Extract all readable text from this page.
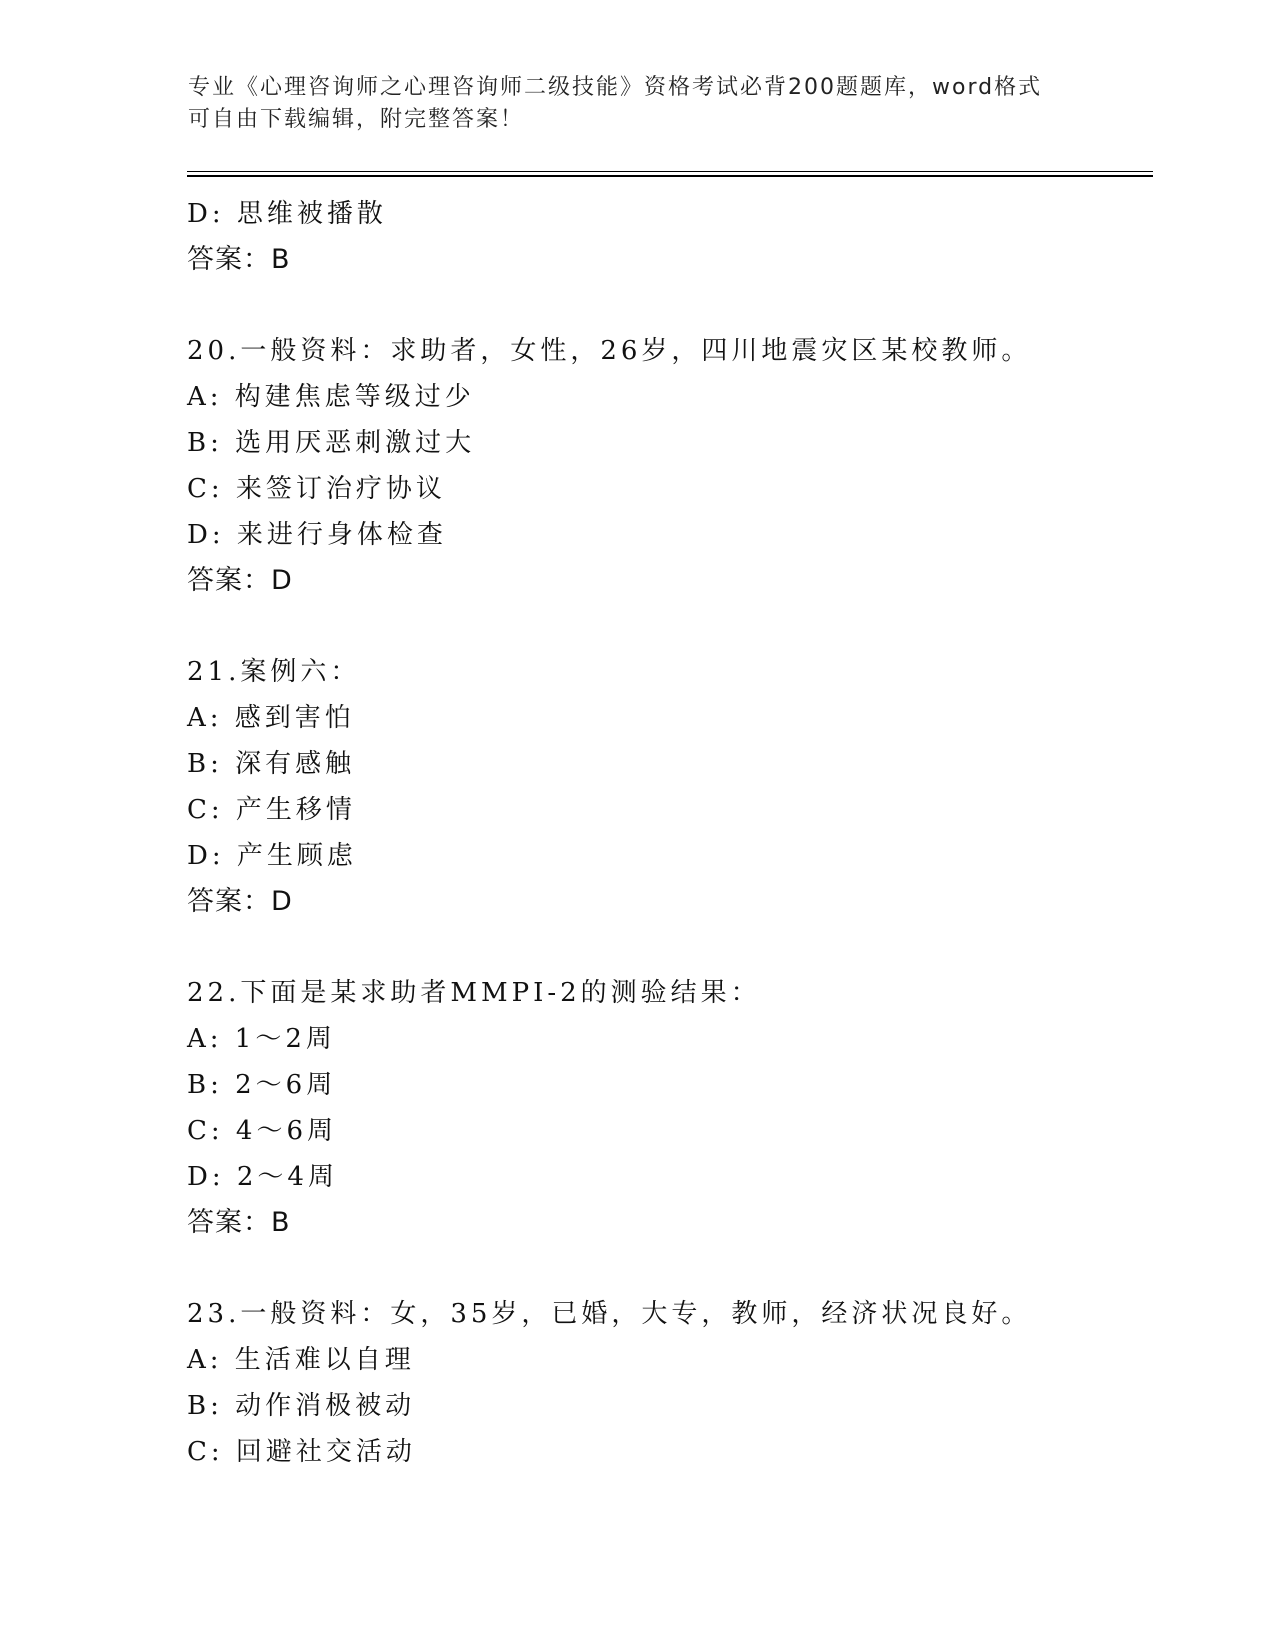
专业《心理咨询师之心理咨询师二级技能》资格考试必背200题题库，word格式
可自由下载编辑，附完整答案！
D: 思维被播散
答案：B
20.一般资料：求助者，女性，26岁，四川地震灾区某校教师。
A: 构建焦虑等级过少
B: 选用厌恶刺激过大
C: 来签订治疗协议
D: 来进行身体检查
答案：D
21.案例六：
A: 感到害怕
B: 深有感触
C: 产生移情
D: 产生顾虑
答案：D
22.下面是某求助者MMPI-2的测验结果：
A: 1～2周
B: 2～6周
C: 4～6周
D: 2～4周
答案：B
23.一般资料：女，35岁，已婚，大专，教师，经济状况良好。
A: 生活难以自理
B: 动作消极被动
C: 回避社交活动
